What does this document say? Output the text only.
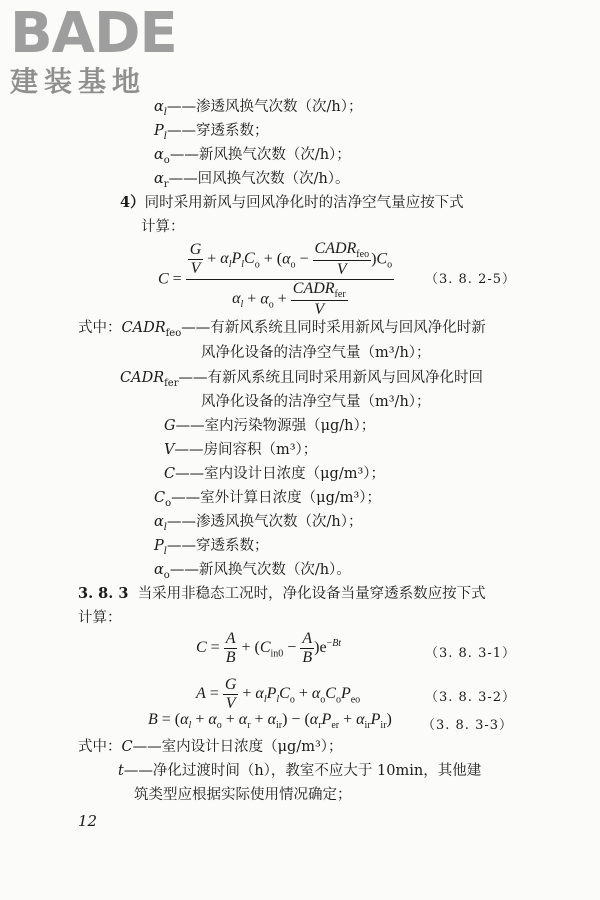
BADE
建装基地
$\alpha_l——$渗透风换气次数（次/h）；
$P_l——$穿透系数；
$\alpha_o——$新风换气次数（次/h）；
$\alpha_r——$回风换气次数（次/h）。
4）同时采用新风与回风净化时的洁净空气量应按下式
计算：
$C = \frac{\frac{G}{V} + \alpha_lP_lC_o + (\alpha_o - \frac{CADR_{feo}}{V} )C_o}{\alpha_l + \alpha_o + \frac{CADR_{fer}}{V}} (3$. 8. 2-5）
式中：$CADR_{feo}——$有新风系统且同时采用新风与回风净化时新
风净化设备的洁净空气量（m³/h）；
$CADR_{fer}——$有新风系统且同时采用新风与回风净化时回
风净化设备的洁净空气量（m³/h）；
G——室内污染物源强（μg/h）；
V——房间容积（m³）；
C——室内设计日浓度（μg/m³）；
$C_o——$室外计算日浓度（μg/m³）；
$\alpha_l——$渗透风换气次数（次/h）；
$P_l——$穿透系数；
$\alpha_o——$新风换气次数（次/h）。
3. 8. 3 当采用非稳态工况时，净化设备当量穿透系数应按下式
计算：
$C = \frac{A}{B} + (C_{in0} - \frac{A}{B} )e^{-Bt}$
（3. 8. 3-1）
$A = \frac{G}{V} + \alpha_lP_lC_o + \alpha_oC_oP_{eo}$	（3. 8. 3-2）
$B = (\alpha_l + \alpha_o + \alpha_r + \alpha_{ir}) - (\alpha_rP_{er} + \alpha_{ir}P_{ir})$ （3. 8. 3-3）
式中：C——室内设计日浓度（μg/m³）；
t——净化过渡时间（h），教室不应大于 10min，其他建
筑类型应根据实际使用情况确定；
12
